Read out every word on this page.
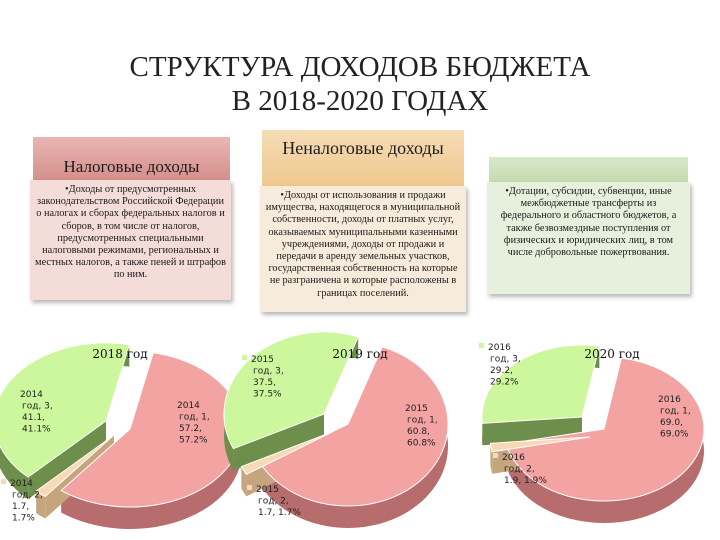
СТРУКТУРА ДОХОДОВ БЮДЖЕТА
В 2018-2020 ГОДАХ
Налоговые доходы
Неналоговые доходы
•Доходы от предусмотренных законодательством Российской Федерации о налогах и сборах федеральных налогов и сборов, в том числе от налогов, предусмотренных специальными налоговыми режимами, региональных и местных налогов, а также пеней и штрафов по ним.
•Доходы от использования и продажи имущества, находящегося в муниципальной собственности, доходы от платных услуг, оказываемых муниципальными казенными учреждениями, доходы от продажи и передачи в аренду земельных участков, государственная собственность на которые не разграничена и которые расположены в границах поселений.
•Дотации, субсидии, субвенции, иные межбюджетные трансферты из федерального и областного бюджетов, а также безвозмездные поступления от физических и юридических лиц, в том числе добровольные пожертвования.
2014
год, 1,
57.2,
57.2%
2014
год, 2,
1.7,
1.7%
2014
год, 3,
41.1,
41.1%
2018 год
2015
год, 1,
60.8,
60.8%
2015
год, 2,
1.7, 1.7%
2015
год, 3,
37.5,
37.5%
2019 год
2016
год, 1,
69.0,
69.0%
2016
год, 2,
1.9, 1.9%
2016
год, 3,
29.2,
29.2%
2020 год
